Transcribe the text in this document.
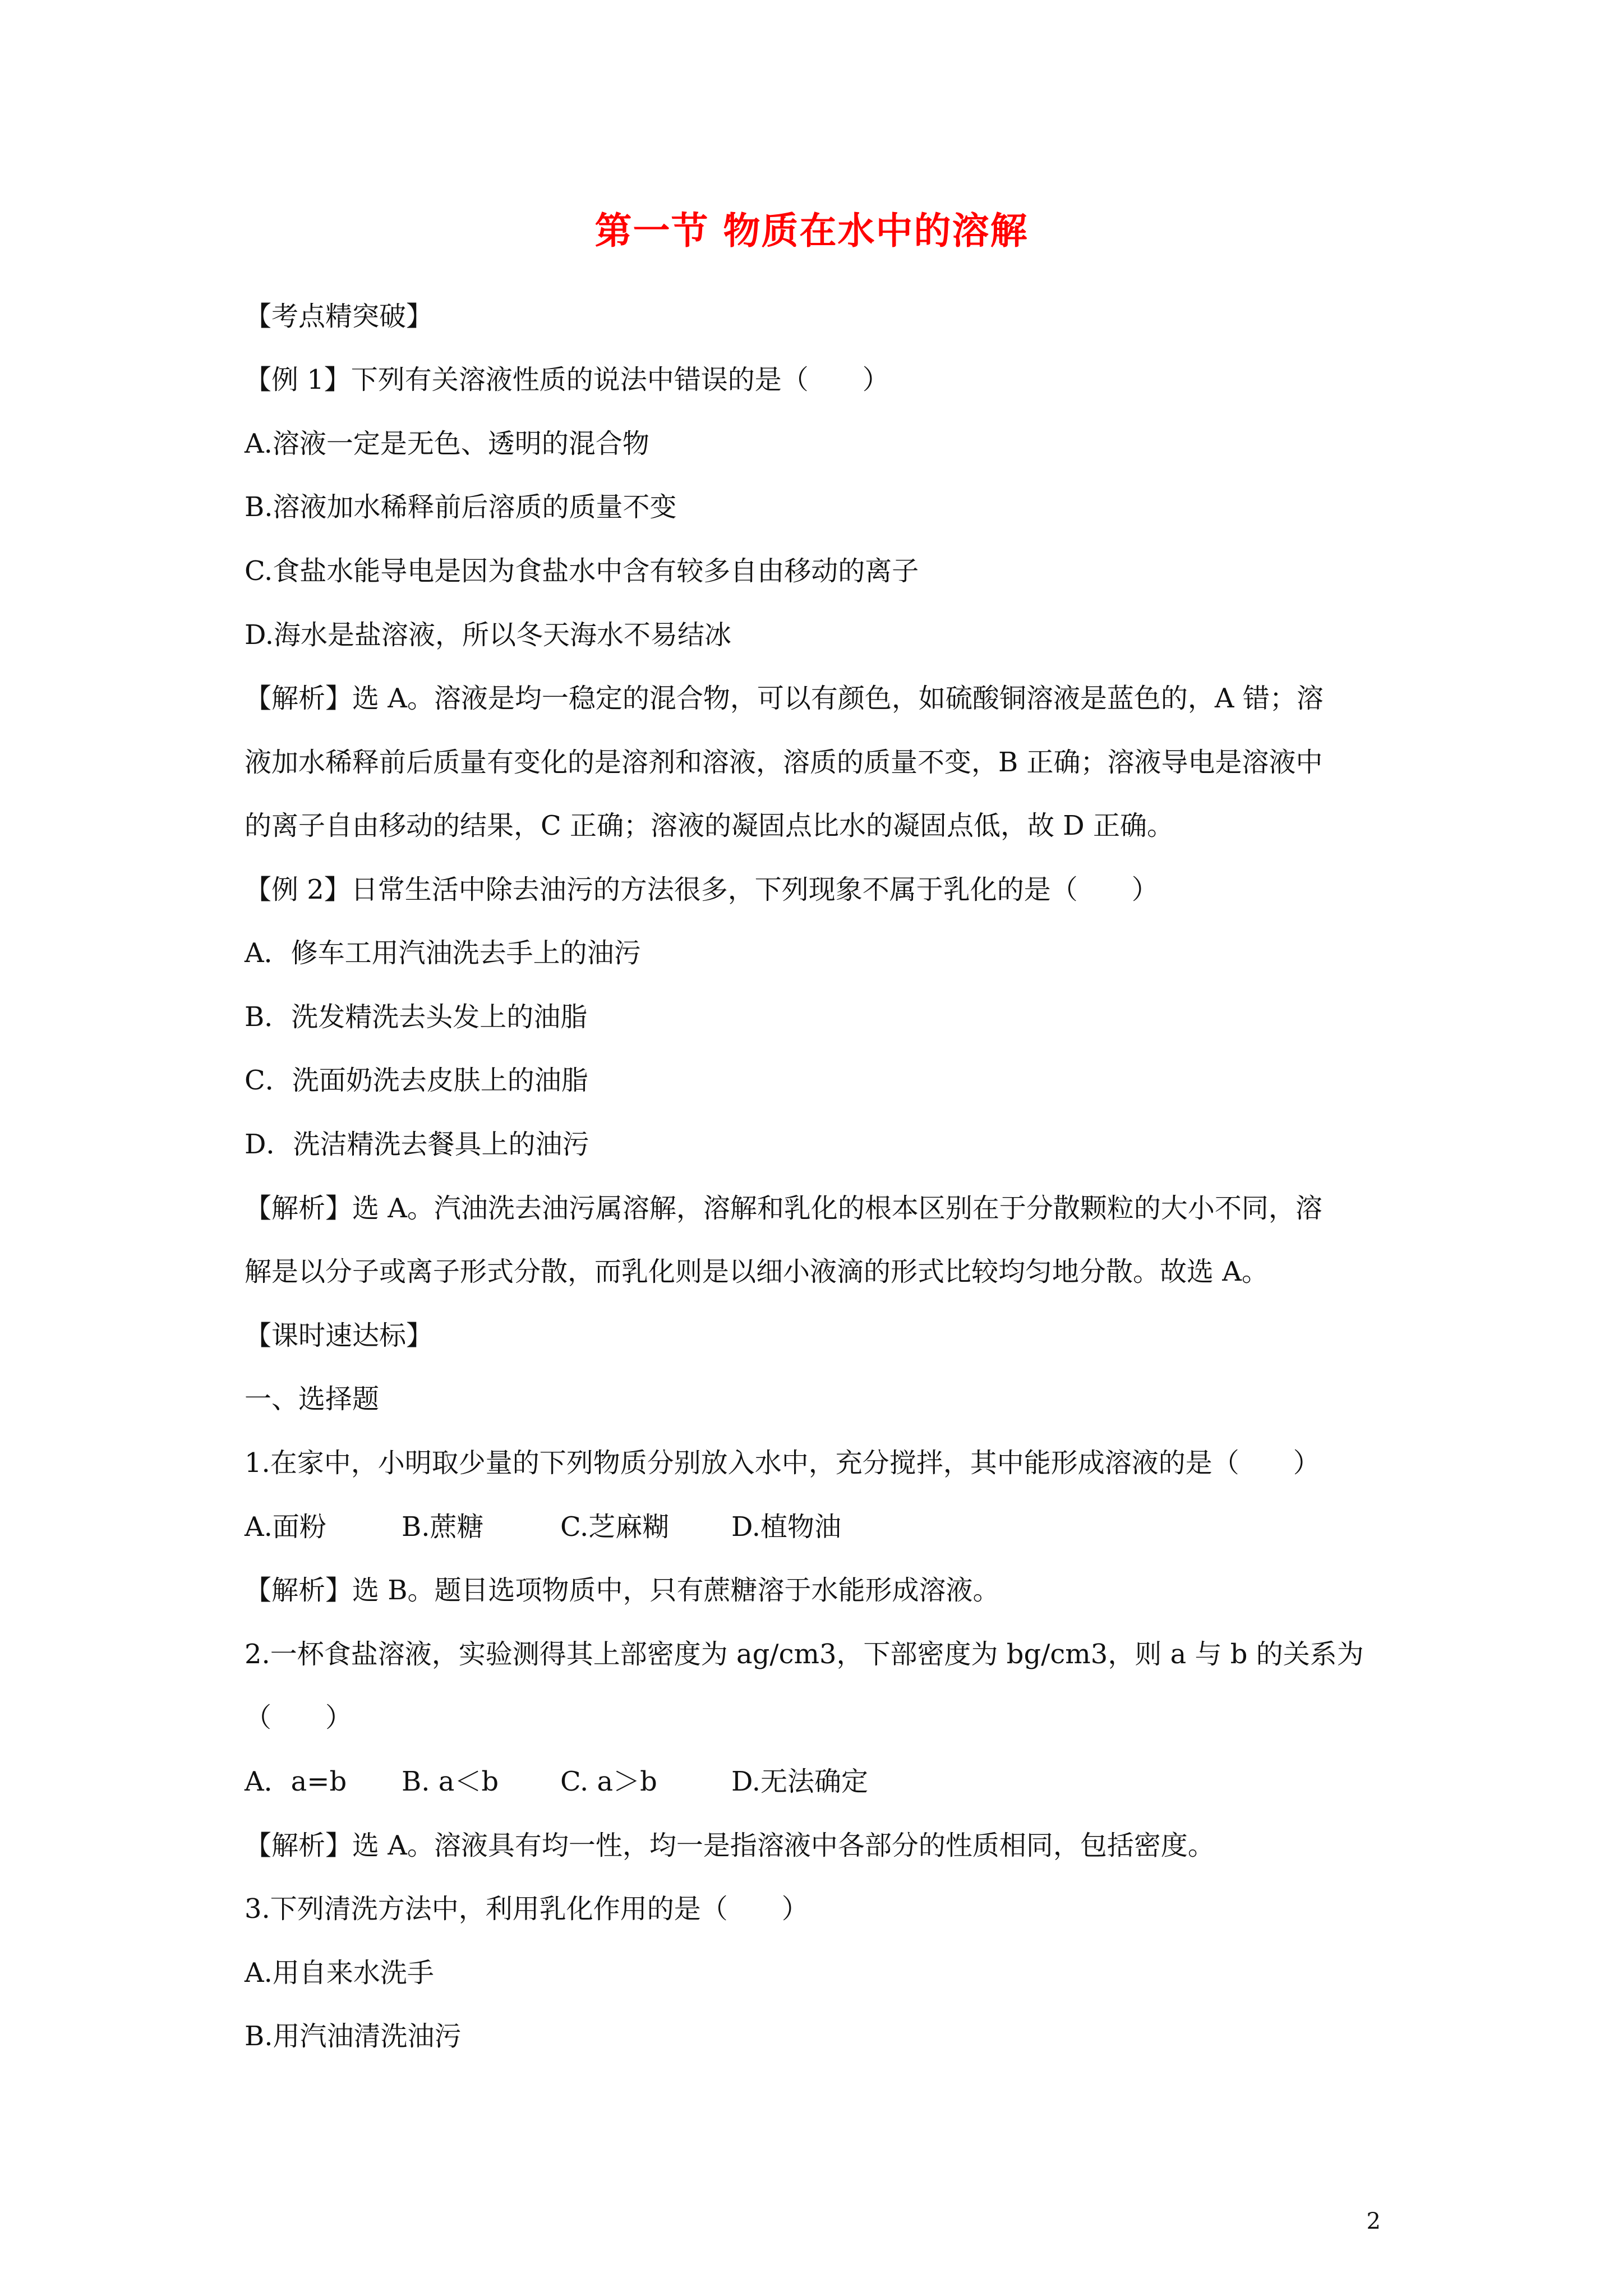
第一节 物质在水中的溶解
【考点精突破】
【例 1】下列有关溶液性质的说法中错误的是（　　）
A.溶液一定是无色、透明的混合物
B.溶液加水稀释前后溶质的质量不变
C.食盐水能导电是因为食盐水中含有较多自由移动的离子
D.海水是盐溶液，所以冬天海水不易结冰
【解析】选 A。溶液是均一稳定的混合物，可以有颜色，如硫酸铜溶液是蓝色的，A 错；溶
液加水稀释前后质量有变化的是溶剂和溶液，溶质的质量不变，B 正确；溶液导电是溶液中
的离子自由移动的结果，C 正确；溶液的凝固点比水的凝固点低，故 D 正确。
【例 2】日常生活中除去油污的方法很多，下列现象不属于乳化的是（　　）
A．修车工用汽油洗去手上的油污
B．洗发精洗去头发上的油脂
C．洗面奶洗去皮肤上的油脂
D．洗洁精洗去餐具上的油污
【解析】选 A。汽油洗去油污属溶解，溶解和乳化的根本区别在于分散颗粒的大小不同，溶
解是以分子或离子形式分散，而乳化则是以细小液滴的形式比较均匀地分散。故选 A。
【课时速达标】
一、选择题
1.在家中，小明取少量的下列物质分别放入水中，充分搅拌，其中能形成溶液的是（　　）
A.面粉	B.蔗糖	C.芝麻糊 D.植物油
【解析】选 B。题目选项物质中，只有蔗糖溶于水能形成溶液。
2.一杯食盐溶液，实验测得其上部密度为 ag/cm3，下部密度为 bg/cm3，则 a 与 b 的关系为
（　　）
A．a=b B. a＜b C. a＞b	D.无法确定
【解析】选 A。溶液具有均一性，均一是指溶液中各部分的性质相同，包括密度。
3.下列清洗方法中，利用乳化作用的是（　　）
A.用自来水洗手
B.用汽油清洗油污
2
